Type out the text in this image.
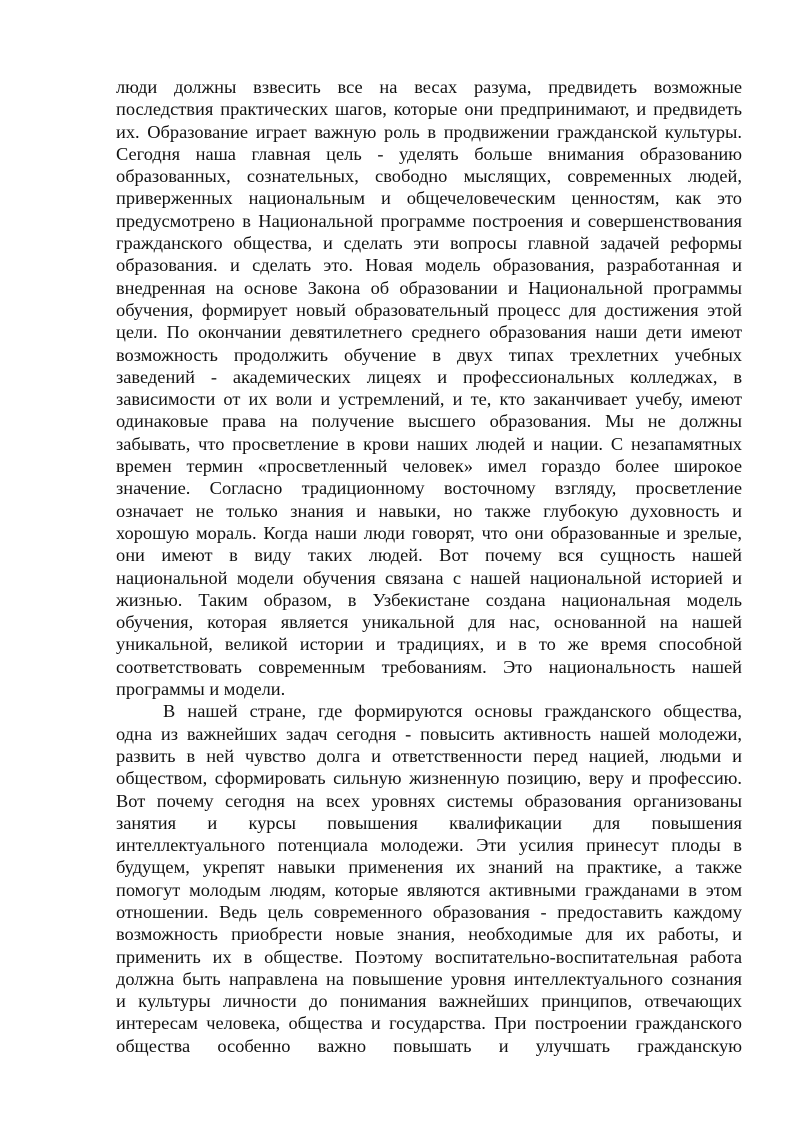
люди должны взвесить все на весах разума, предвидеть возможные
последствия практических шагов, которые они предпринимают, и предвидеть
их. Образование играет важную роль в продвижении гражданской культуры.
Сегодня наша главная цель - уделять больше внимания образованию
образованных, сознательных, свободно мыслящих, современных людей,
приверженных национальным и общечеловеческим ценностям, как это
предусмотрено в Национальной программе построения и совершенствования
гражданского общества, и сделать эти вопросы главной задачей реформы
образования. и сделать это. Новая модель образования, разработанная и
внедренная на основе Закона об образовании и Национальной программы
обучения, формирует новый образовательный процесс для достижения этой
цели. По окончании девятилетнего среднего образования наши дети имеют
возможность продолжить обучение в двух типах трехлетних учебных
заведений - академических лицеях и профессиональных колледжах, в
зависимости от их воли и устремлений, и те, кто заканчивает учебу, имеют
одинаковые права на получение высшего образования. Мы не должны
забывать, что просветление в крови наших людей и нации. С незапамятных
времен термин «просветленный человек» имел гораздо более широкое
значение. Согласно традиционному восточному взгляду, просветление
означает не только знания и навыки, но также глубокую духовность и
хорошую мораль. Когда наши люди говорят, что они образованные и зрелые,
они имеют в виду таких людей. Вот почему вся сущность нашей
национальной модели обучения связана с нашей национальной историей и
жизнью. Таким образом, в Узбекистане создана национальная модель
обучения, которая является уникальной для нас, основанной на нашей
уникальной, великой истории и традициях, и в то же время способной
соответствовать современным требованиям. Это национальность нашей
программы и модели.

В нашей стране, где формируются основы гражданского общества,
одна из важнейших задач сегодня - повысить активность нашей молодежи,
развить в ней чувство долга и ответственности перед нацией, людьми и
обществом, сформировать сильную жизненную позицию, веру и профессию.
Вот почему сегодня на всех уровнях системы образования организованы
занятия и курсы повышения квалификации для повышения
интеллектуального потенциала молодежи. Эти усилия принесут плоды в
будущем, укрепят навыки применения их знаний на практике, а также
помогут молодым людям, которые являются активными гражданами в этом
отношении. Ведь цель современного образования - предоставить каждому
возможность приобрести новые знания, необходимые для их работы, и
применить их в обществе. Поэтому воспитательно-воспитательная работа
должна быть направлена на повышение уровня интеллектуального сознания
и культуры личности до понимания важнейших принципов, отвечающих
интересам человека, общества и государства. При построении гражданского
общества особенно важно повышать и улучшать гражданскую
